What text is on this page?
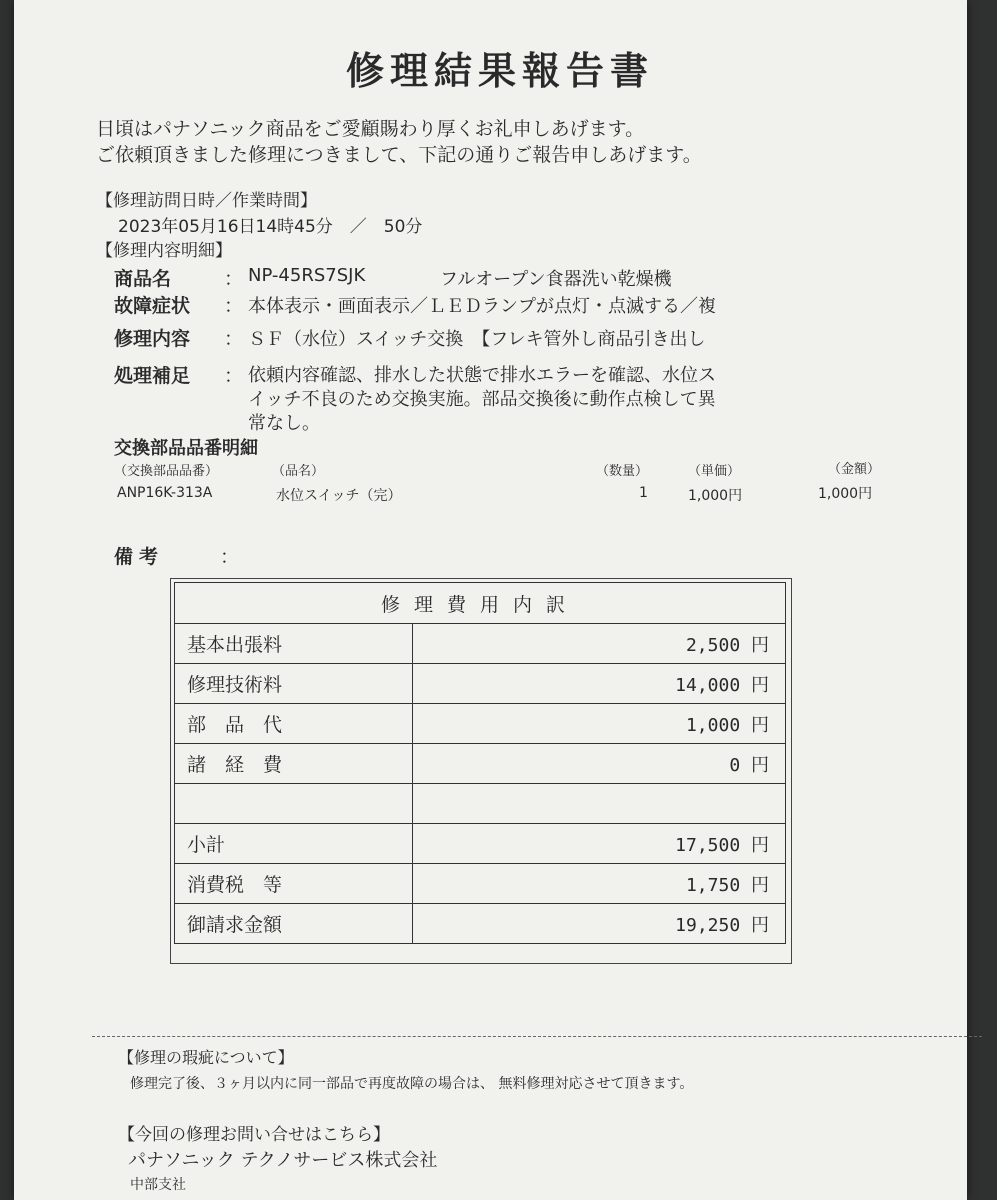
修理結果報告書
日頃はパナソニック商品をご愛顧賜わり厚くお礼申しあげます。
ご依頼頂きました修理につきまして、下記の通りご報告申しあげます。
【修理訪問日時／作業時間】
2023年05月16日14時45分　／　50分
【修理内容明細】
商品名	： NP-45RS7SJK	フルオープン食器洗い乾燥機
故障症状 ： 本体表示・画面表示／ＬＥＤランプが点灯・点滅する／複
修理内容 ： ＳＦ（水位）スイッチ交換　【フレキ管外し商品引き出し
処理補足 ： 依頼内容確認、排水した状態で排水エラーを確認、水位ス
イッチ不良のため交換実施。部品交換後に動作点検して異
常なし。
交換部品品番明細
（交換部品品番）	（品名）	（数量）	（単価）	（金額）
ANP16K-313A	水位スイッチ（完）	1	1,000円	1,000円
備考	：
修理費用内訳	
基本出張料	2,500 円
修理技術料	14,000 円
部　品　代	1,000 円
諸　経　費	0 円

小計	17,500 円
消費税　等	1,750 円
御請求金額	19,250 円
【修理の瑕疵について】
修理完了後、３ヶ月以内に同一部品で再度故障の場合は、 無料修理対応させて頂きます。
【今回の修理お問い合せはこちら】
パナソニック テクノサービス株式会社
中部支社
